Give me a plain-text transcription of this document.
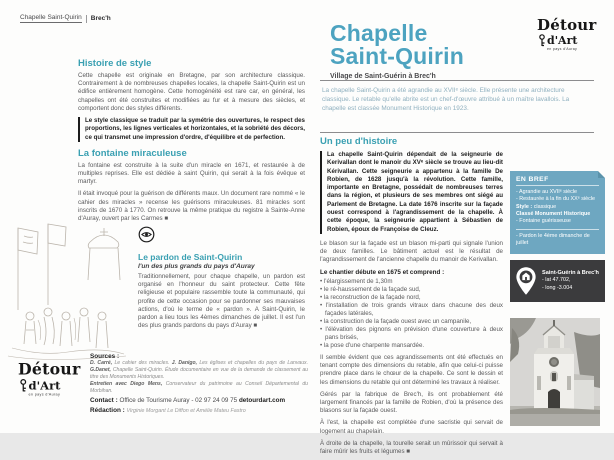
Chapelle Saint-Quirin Brec'h
Histoire de style

Cette chapelle est originale en Bretagne, par son architecture classique. Contrairement à de nombreuses chapelles locales, la chapelle Saint-Quirin est un édifice entièrement homogène. Cette homogénéité est rare car, en général, les chapelles ont été construites et modifiées au fur et à mesure des siècles, et comportent donc des styles différents.

Le style classique se traduit par la symétrie des ouvertures, le respect des proportions, les lignes verticales et horizontales, et la sobriété des décors, ce qui transmet une impression d'ordre, d'équilibre et de perfection.

La fontaine miraculeuse

La fontaine est construite à la suite d'un miracle en 1671, et restaurée à de multiples reprises. Elle est dédiée à saint Quirin, qui serait à la fois évêque et martyr.

Il était invoqué pour la guérison de différents maux. Un document rare nommé « le cahier des miracles » recense les guérisons miraculeuses. 81 miracles sont inscrits de 1670 à 1770. On retrouve la même pratique du registre à Sainte-Anne d'Auray, ouvert par les Carmes ■

Le pardon de Saint-Quirin
l'un des plus grands du pays d'Auray

Traditionnellement, pour chaque chapelle, un pardon est organisé en l'honneur du saint protecteur. Cette fête religieuse et populaire rassemble toute la communauté, qui profite de cette occasion pour se pardonner ses mauvaises actions, d'où le terme de « pardon ». A Saint-Quirin, le pardon a lieu tous les 4èmes dimanches de juillet. Il est l'un des plus grands pardons du pays d'Auray ■

Détour
d'Art
en pays d'Auray
Sources :

D. Carré, Le cahier des miracles. J. Danigo, Les églises et chapelles du pays de Lanvaux. G.Danet, Chapelle Saint-Quirin. Étude documentaire en vue de la demande de classement au titre des Monuments Historiques.

Entretien avec Diego Mens, Conservateur du patrimoine au Conseil Départemental du Morbihan.

Contact : Office de Tourisme Auray - 02 97 24 09 75 detourdart.com
Rédaction : Virginie Morgant Le Diffon et Amélie Mateu Fastro
Chapelle
Saint-Quirin
Village de Saint-Guérin à Brec'h
Détour
d'Art
en pays d'Auray
La chapelle Saint-Quirin a été agrandie au XVIIᵉ siècle. Elle présente une architecture classique. Le retable qu'elle abrite est un chef-d'œuvre attribué à un maître lavallois. La chapelle est classée Monument Historique en 1923.
Un peu d'histoire

La chapelle Saint-Quirin dépendait de la seigneurie de Kerivallan dont le manoir du XVᵉ siècle se trouve au lieu-dit Kérivallan. Cette seigneurie a appartenu à la famille De Robien, de 1628 jusqu'à la révolution. Cette famille, importante en Bretagne, possédait de nombreuses terres dans la région, et plusieurs de ses membres ont siégé au Parlement de Bretagne. La date 1676 inscrite sur la façade ouest correspond à l'agrandissement de la chapelle. À cette époque, la seigneurie appartient à Sébastien de Robien, époux de Françoise de Cleuz.

Le blason sur la façade est un blason mi-parti qui signale l'union de deux familles. Le bâtiment actuel est le résultat de l'agrandissement de l'ancienne chapelle du manoir de Kerivallan.

Le chantier débute en 1675 et comprend :
• l'élargissement de 1,30m
• le ré-haussement de la façade sud,
• la reconstruction de la façade nord,
• l'installation de trois grands vitraux dans chacune des deux façades latérales,
• la construction de la façade ouest avec un campanile,
• l'élévation des pignons en prévision d'une couverture à deux pans brisés,
• la pose d'une charpente mansardée.

Il semble évident que ces agrandissements ont été effectués en tenant compte des dimensions du retable, afin que celui-ci puisse prendre place dans le chœur de la chapelle. Ce sont le dessin et les dimensions du retable qui ont déterminé les travaux à réaliser.

Gérés par la fabrique de Brec'h, ils ont probablement été largement financés par la famille de Robien, d'où la présence des blasons sur la façade ouest.

À l'est, la chapelle est complétée d'une sacristie qui servait de logement au chapelain.

À droite de la chapelle, la tourelle serait un mûrissoir qui servait à faire mûrir les fruits et légumes ■

EN BREF
- Agrandie au XVIIᵉ siècle
- Restaurée à la fin du XXᵉ siècle
Style : classique
Classé Monument Historique
- Fontaine guérisseuse
- Pardon le 4ème dimanche de juillet
Saint-Guérin à Brec'h
- lat 47.702,
- long -3.004
